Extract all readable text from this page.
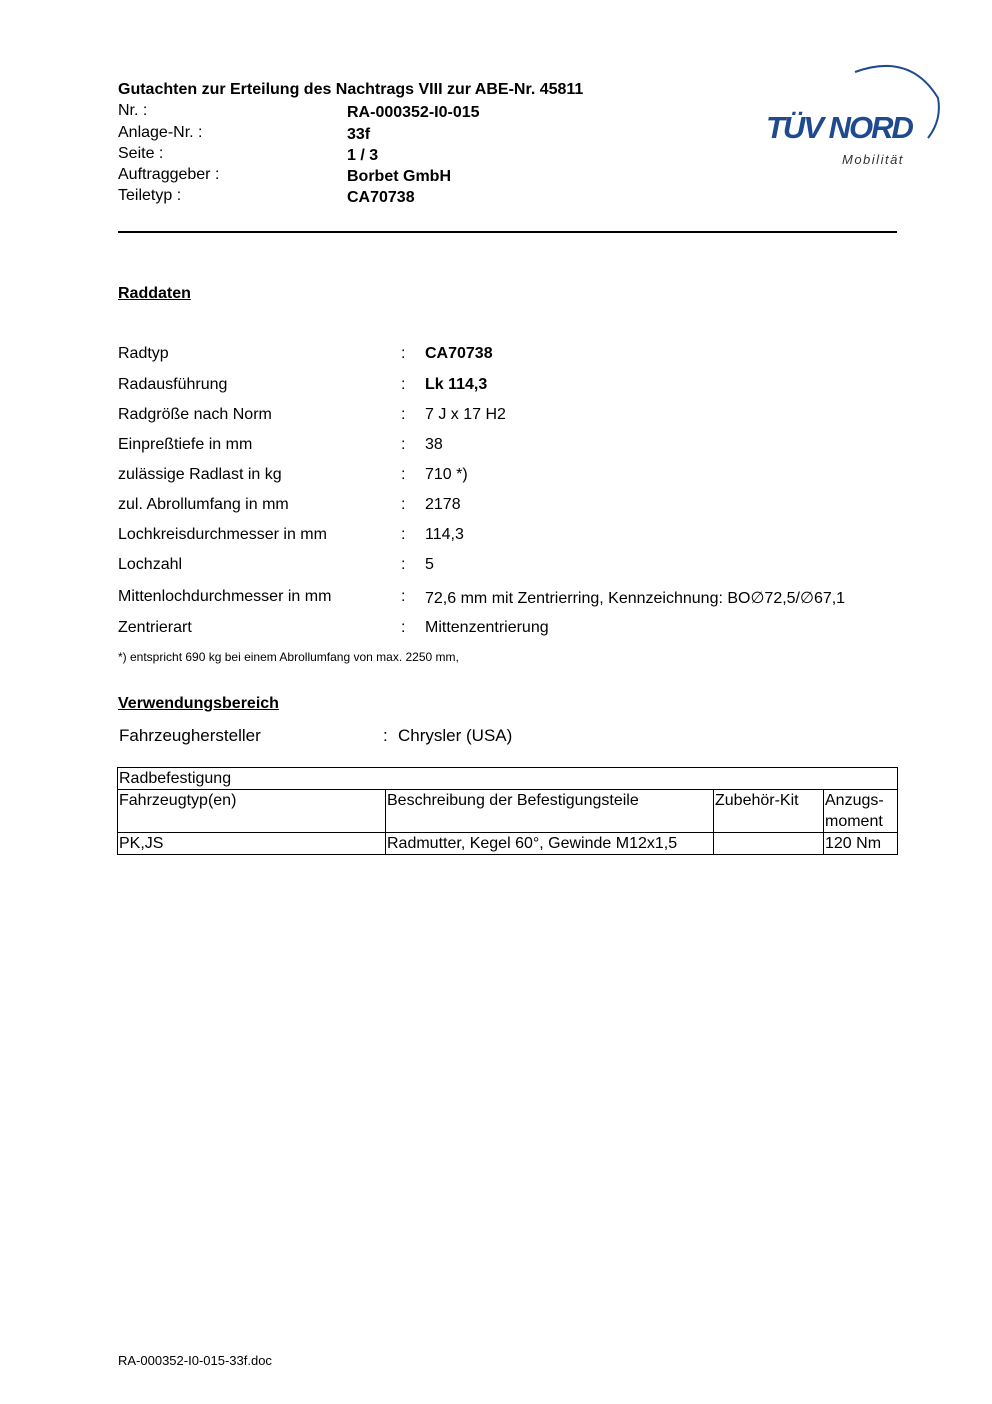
Gutachten zur Erteilung des Nachtrags VIII zur ABE-Nr. 45811
Nr. :	RA-000352-I0-015
Anlage-Nr. :	33f
Seite :	1 / 3
Auftraggeber :	Borbet GmbH
Teiletyp :	CA70738
TÜV NORD
Mobilität
Raddaten
Radtyp	: CA70738
Radausführung	: Lk 114,3
Radgröße nach Norm	: 7 J x 17 H2
Einpreßtiefe in mm	: 38
zulässige Radlast in kg	: 710 *)
zul. Abrollumfang in mm	: 2178
Lochkreisdurchmesser in mm	: 114,3
Lochzahl	: 5
Mittenlochdurchmesser in mm	: 72,6 mm mit Zentrierring, Kennzeichnung: BO∅72,5/∅67,1
Zentrierart	: Mittenzentrierung
*) entspricht 690 kg bei einem Abrollumfang von max. 2250 mm,
Verwendungsbereich
Fahrzeughersteller	: Chrysler (USA)
Radbefestigung			
Fahrzeugtyp(en)	Beschreibung der Befestigungsteile	Zubehör-Kit	Anzugs-
moment
PK,JS	Radmutter, Kegel 60°, Gewinde M12x1,5		120 Nm
RA-000352-I0-015-33f.doc
